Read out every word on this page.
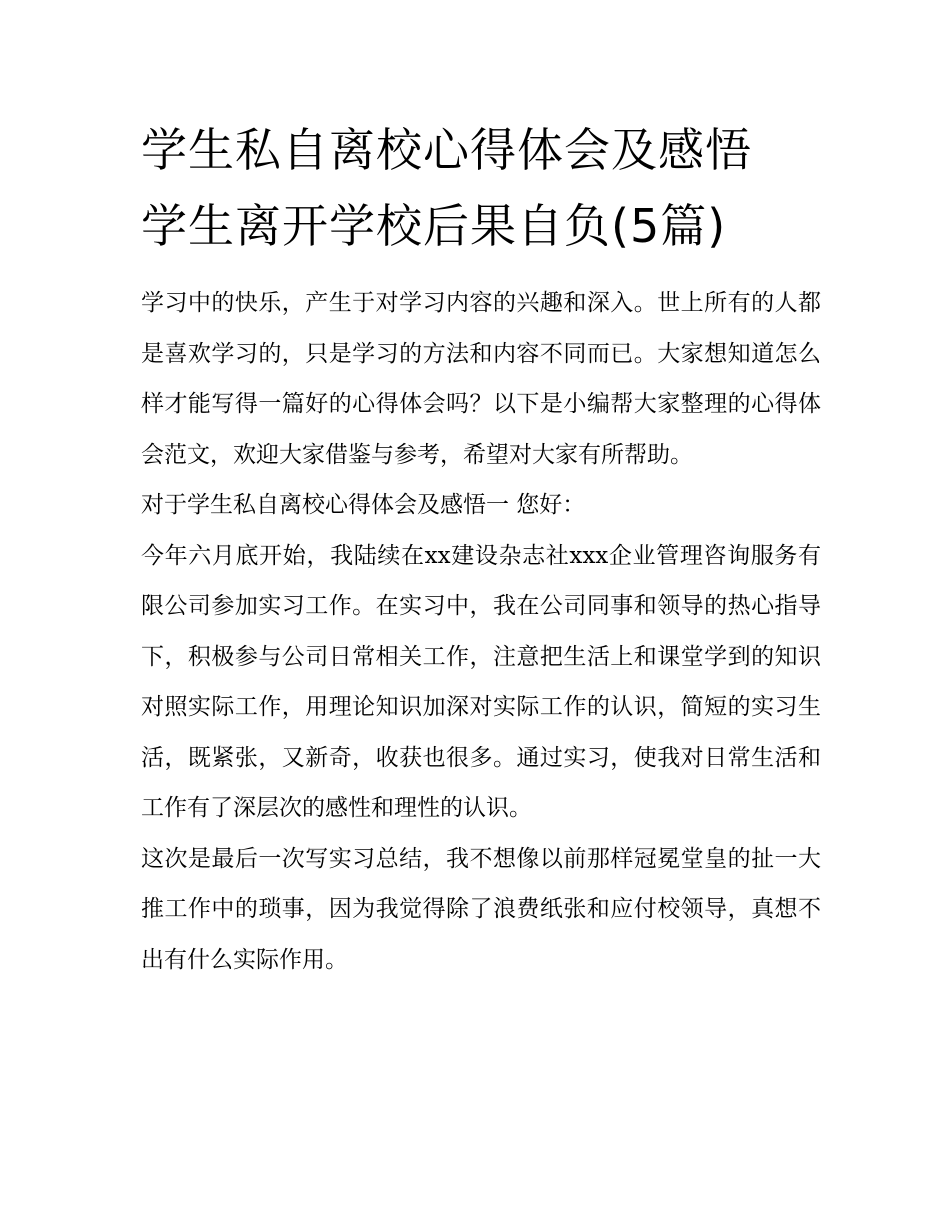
学生私自离校心得体会及感悟
学生离开学校后果自负(5篇)

学习中的快乐，产生于对学习内容的兴趣和深入。世上所有的人都是喜欢学习的，只是学习的方法和内容不同而已。大家想知道怎么样才能写得一篇好的心得体会吗？以下是小编帮大家整理的心得体会范文，欢迎大家借鉴与参考，希望对大家有所帮助。

对于学生私自离校心得体会及感悟一 您好：

今年六月底开始，我陆续在xx建设杂志社xxx企业管理咨询服务有限公司参加实习工作。在实习中，我在公司同事和领导的热心指导下，积极参与公司日常相关工作，注意把生活上和课堂学到的知识对照实际工作，用理论知识加深对实际工作的认识，简短的实习生活，既紧张，又新奇，收获也很多。通过实习，使我对日常生活和工作有了深层次的感性和理性的认识。

这次是最后一次写实习总结，我不想像以前那样冠冕堂皇的扯一大推工作中的琐事，因为我觉得除了浪费纸张和应付校领导，真想不出有什么实际作用。
